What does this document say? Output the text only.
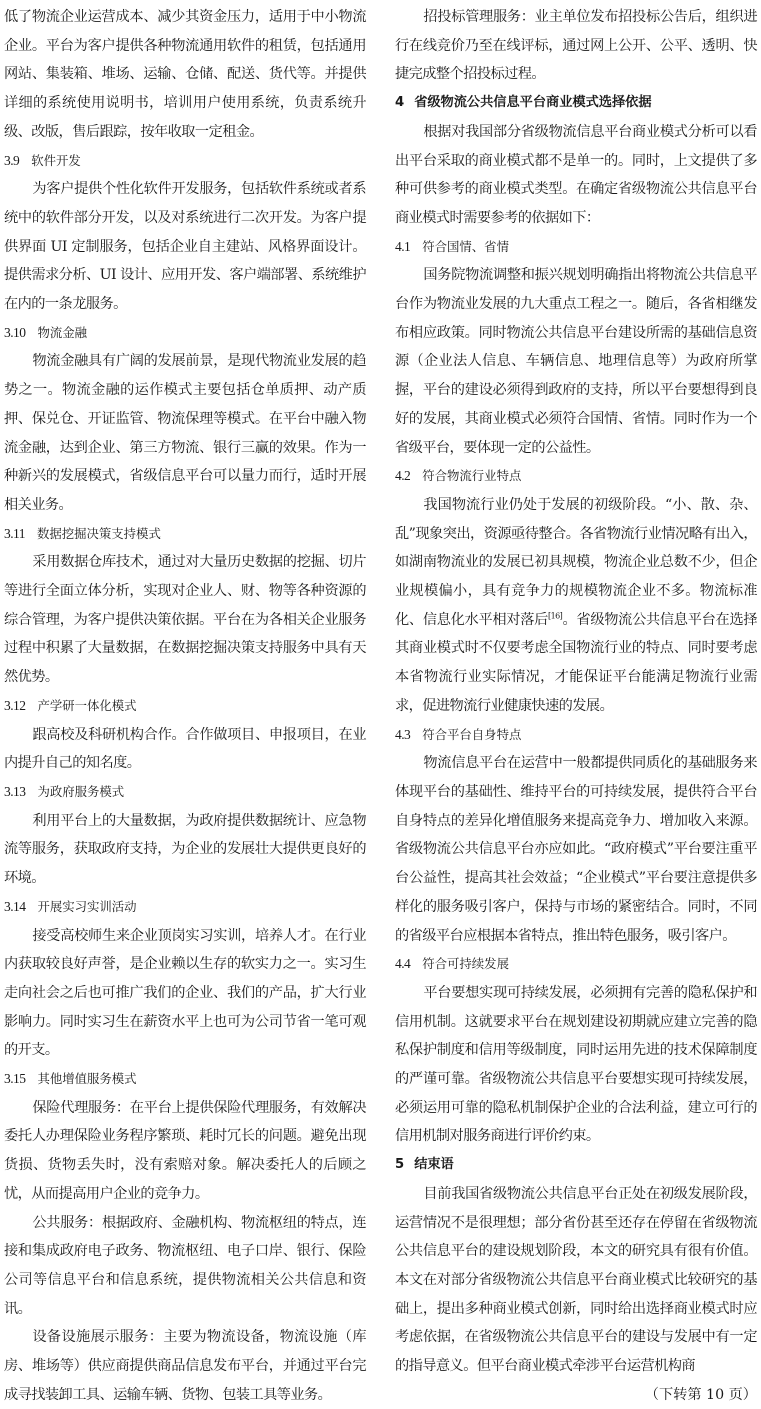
低了物流企业运营成本、减少其资金压力，适用于中小物流企业。平台为客户提供各种物流通用软件的租赁，包括通用网站、集装箱、堆场、运输、仓储、配送、货代等。并提供详细的系统使用说明书，培训用户使用系统，负责系统升级、改版，售后跟踪，按年收取一定租金。

3.9 软件开发

为客户提供个性化软件开发服务，包括软件系统或者系统中的软件部分开发，以及对系统进行二次开发。为客户提供界面 UI 定制服务，包括企业自主建站、风格界面设计。提供需求分析、UI 设计、应用开发、客户端部署、系统维护在内的一条龙服务。

3.10 物流金融

物流金融具有广阔的发展前景，是现代物流业发展的趋势之一。物流金融的运作模式主要包括仓单质押、动产质押、保兑仓、开证监管、物流保理等模式。在平台中融入物流金融，达到企业、第三方物流、银行三赢的效果。作为一种新兴的发展模式，省级信息平台可以量力而行，适时开展相关业务。

3.11 数据挖掘决策支持模式

采用数据仓库技术，通过对大量历史数据的挖掘、切片等进行全面立体分析，实现对企业人、财、物等各种资源的综合管理，为客户提供决策依据。平台在为各相关企业服务过程中积累了大量数据，在数据挖掘决策支持服务中具有天然优势。

3.12 产学研一体化模式

跟高校及科研机构合作。合作做项目、申报项目，在业内提升自己的知名度。

3.13 为政府服务模式

利用平台上的大量数据，为政府提供数据统计、应急物流等服务，获取政府支持，为企业的发展壮大提供更良好的环境。

3.14 开展实习实训活动

接受高校师生来企业顶岗实习实训，培养人才。在行业内获取较良好声誉，是企业赖以生存的软实力之一。实习生走向社会之后也可推广我们的企业、我们的产品，扩大行业影响力。同时实习生在薪资水平上也可为公司节省一笔可观的开支。

3.15 其他增值服务模式

保险代理服务：在平台上提供保险代理服务，有效解决委托人办理保险业务程序繁琐、耗时冗长的问题。避免出现货损、货物丢失时，没有索赔对象。解决委托人的后顾之忧，从而提高用户企业的竞争力。

公共服务：根据政府、金融机构、物流枢纽的特点，连接和集成政府电子政务、物流枢纽、电子口岸、银行、保险公司等信息平台和信息系统，提供物流相关公共信息和资讯。

设备设施展示服务：主要为物流设备，物流设施（库房、堆场等）供应商提供商品信息发布平台，并通过平台完成寻找装卸工具、运输车辆、货物、包装工具等业务。

招投标管理服务：业主单位发布招投标公告后，组织进行在线竞价乃至在线评标，通过网上公开、公平、透明、快捷完成整个招投标过程。

4 省级物流公共信息平台商业模式选择依据

根据对我国部分省级物流信息平台商业模式分析可以看出平台采取的商业模式都不是单一的。同时，上文提供了多种可供参考的商业模式类型。在确定省级物流公共信息平台商业模式时需要参考的依据如下：

4.1 符合国情、省情

国务院物流调整和振兴规划明确指出将物流公共信息平台作为物流业发展的九大重点工程之一。随后，各省相继发布相应政策。同时物流公共信息平台建设所需的基础信息资源（企业法人信息、车辆信息、地理信息等）为政府所掌握，平台的建设必须得到政府的支持，所以平台要想得到良好的发展，其商业模式必须符合国情、省情。同时作为一个省级平台，要体现一定的公益性。

4.2 符合物流行业特点

我国物流行业仍处于发展的初级阶段。“小、散、杂、乱”现象突出，资源亟待整合。各省物流行业情况略有出入，如湖南物流业的发展已初具规模，物流企业总数不少，但企业规模偏小，具有竞争力的规模物流企业不多。物流标准化、信息化水平相对落后[16]。省级物流公共信息平台在选择其商业模式时不仅要考虑全国物流行业的特点、同时要考虑本省物流行业实际情况，才能保证平台能满足物流行业需求，促进物流行业健康快速的发展。

4.3 符合平台自身特点

物流信息平台在运营中一般都提供同质化的基础服务来体现平台的基础性、维持平台的可持续发展，提供符合平台自身特点的差异化增值服务来提高竞争力、增加收入来源。省级物流公共信息平台亦应如此。“政府模式”平台要注重平台公益性，提高其社会效益；“企业模式”平台要注意提供多样化的服务吸引客户，保持与市场的紧密结合。同时，不同的省级平台应根据本省特点，推出特色服务，吸引客户。

4.4 符合可持续发展

平台要想实现可持续发展，必须拥有完善的隐私保护和信用机制。这就要求平台在规划建设初期就应建立完善的隐私保护制度和信用等级制度，同时运用先进的技术保障制度的严谨可靠。省级物流公共信息平台要想实现可持续发展，必须运用可靠的隐私机制保护企业的合法利益，建立可行的信用机制对服务商进行评价约束。

5 结束语

目前我国省级物流公共信息平台正处在初级发展阶段，运营情况不是很理想；部分省份甚至还存在停留在省级物流公共信息平台的建设规划阶段，本文的研究具有很有价值。本文在对部分省级物流公共信息平台商业模式比较研究的基础上，提出多种商业模式创新，同时给出选择商业模式时应考虑依据，在省级物流公共信息平台的建设与发展中有一定的指导意义。但平台商业模式牵涉平台运营机构商
（下转第 10 页）
